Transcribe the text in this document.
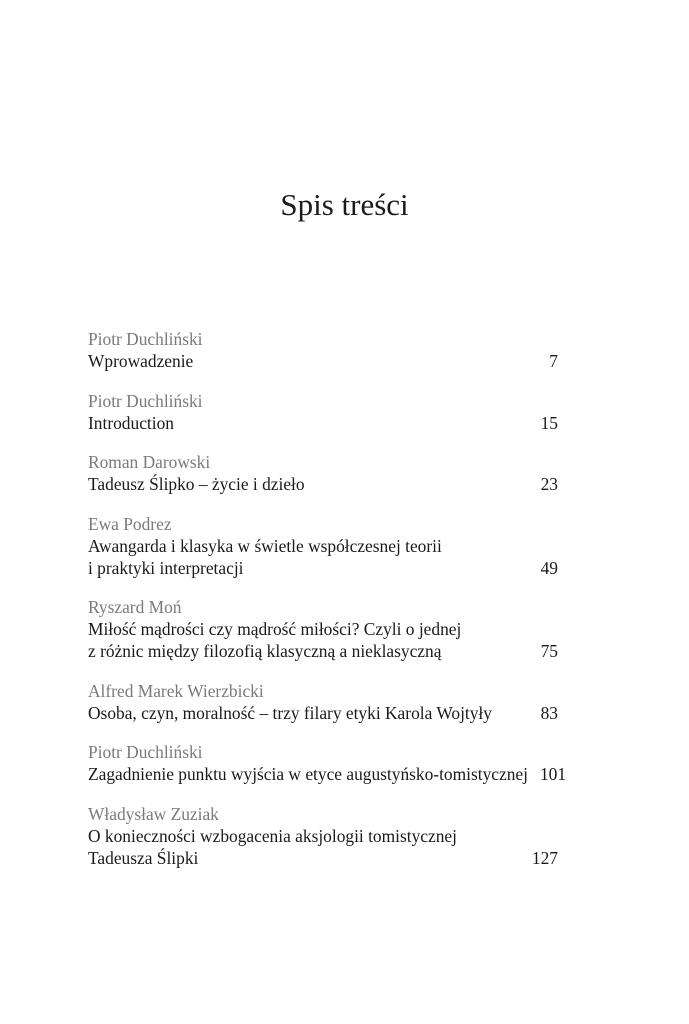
Spis treści
Piotr Duchliński
Wprowadzenie	7
Piotr Duchliński
Introduction	15
Roman Darowski
Tadeusz Ślipko – życie i dzieło	23
Ewa Podrez
Awangarda i klasyka w świetle współczesnej teorii
i praktyki interpretacji	49
Ryszard Moń
Miłość mądrości czy mądrość miłości? Czyli o jednej
z różnic między filozofią klasyczną a nieklasyczną	75
Alfred Marek Wierzbicki
Osoba, czyn, moralność – trzy filary etyki Karola Wojtyły	83
Piotr Duchliński
Zagadnienie punktu wyjścia w etyce augustyńsko-tomistycznej 101
Władysław Zuziak
O konieczności wzbogacenia aksjologii tomistycznej
Tadeusza Ślipki	127
